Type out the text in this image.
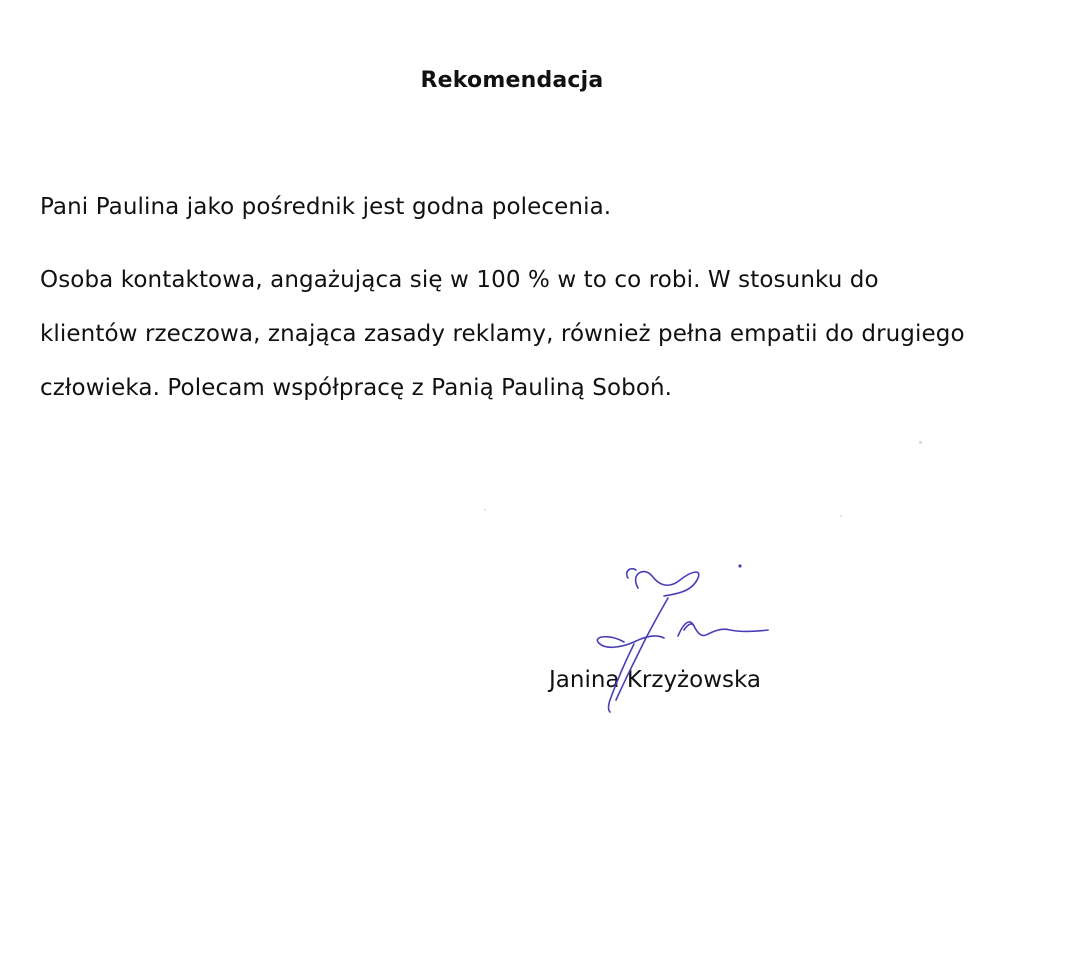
Rekomendacja
Pani Paulina jako pośrednik jest godna polecenia.
Osoba kontaktowa, angażująca się w 100 % w to co robi. W stosunku do
klientów rzeczowa, znająca zasady reklamy, również pełna empatii do drugiego
człowieka. Polecam współpracę z Panią Pauliną Soboń.
Janina Krzyżowska
